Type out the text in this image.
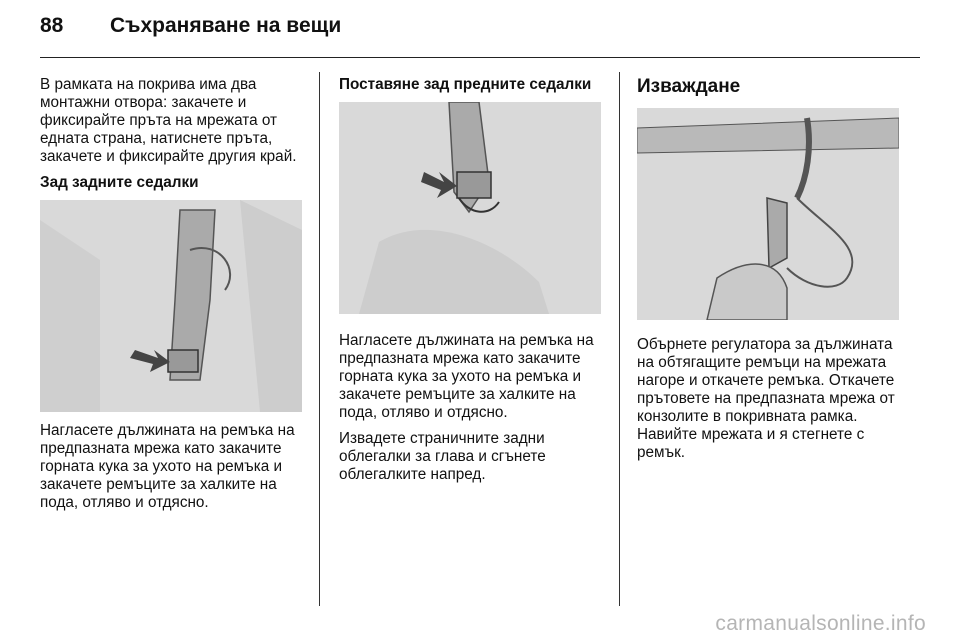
88 Съхраняване на вещи

В рамката на покрива има два монтажни отвора: закачете и фиксирайте пръта на мрежата от едната страна, натиснете пръта, закачете и фиксирайте другия край.

Зад задните седалки

Нагласете дължината на ремъка на предпазната мрежа като закачите горната кука за ухото на ремъка и закачете ремъците за халките на пода, отляво и отдясно.

Поставяне зад предните седалки

Нагласете дължината на ремъка на предпазната мрежа като закачите горната кука за ухото на ремъка и закачете ремъците за халките на пода, отляво и отдясно.

Извадете страничните задни облегалки за глава и сгънете облегалките напред.

Изваждане

Обърнете регулатора за дължината на обтягащите ремъци на мрежата нагоре и откачете ремъка. Откачете прътовете на предпазната мрежа от конзолите в покривната рамка. Навийте мрежата и я стегнете с ремък.

carmanualsonline.info
